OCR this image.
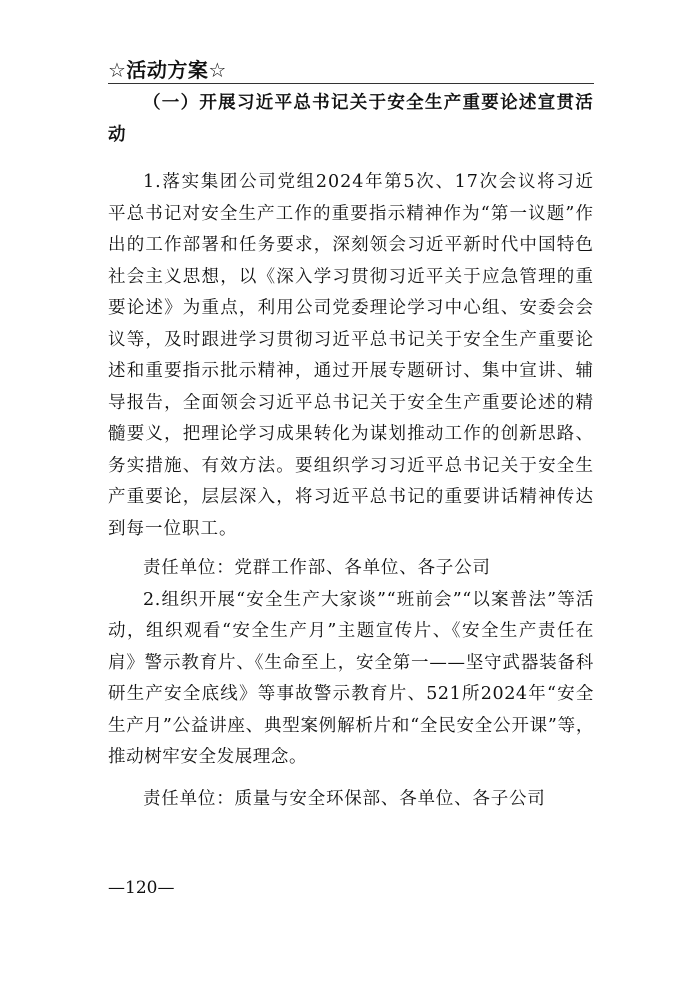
☆活动方案☆

（一）开展习近平总书记关于安全生产重要论述宣贯活动

1.落实集团公司党组2024年第5次、17次会议将习近平总书记对安全生产工作的重要指示精神作为“第一议题”作出的工作部署和任务要求，深刻领会习近平新时代中国特色社会主义思想，以《深入学习贯彻习近平关于应急管理的重要论述》为重点，利用公司党委理论学习中心组、安委会会议等，及时跟进学习贯彻习近平总书记关于安全生产重要论述和重要指示批示精神，通过开展专题研讨、集中宣讲、辅导报告，全面领会习近平总书记关于安全生产重要论述的精髓要义，把理论学习成果转化为谋划推动工作的创新思路、务实措施、有效方法。要组织学习习近平总书记关于安全生产重要论，层层深入，将习近平总书记的重要讲话精神传达到每一位职工。

责任单位：党群工作部、各单位、各子公司

2.组织开展“安全生产大家谈”“班前会”“以案普法”等活动，组织观看“安全生产月”主题宣传片、《安全生产责任在肩》警示教育片、《生命至上，安全第一——坚守武器装备科研生产安全底线》等事故警示教育片、521所2024年“安全生产月”公益讲座、典型案例解析片和“全民安全公开课”等，推动树牢安全发展理念。

责任单位：质量与安全环保部、各单位、各子公司

—120—
